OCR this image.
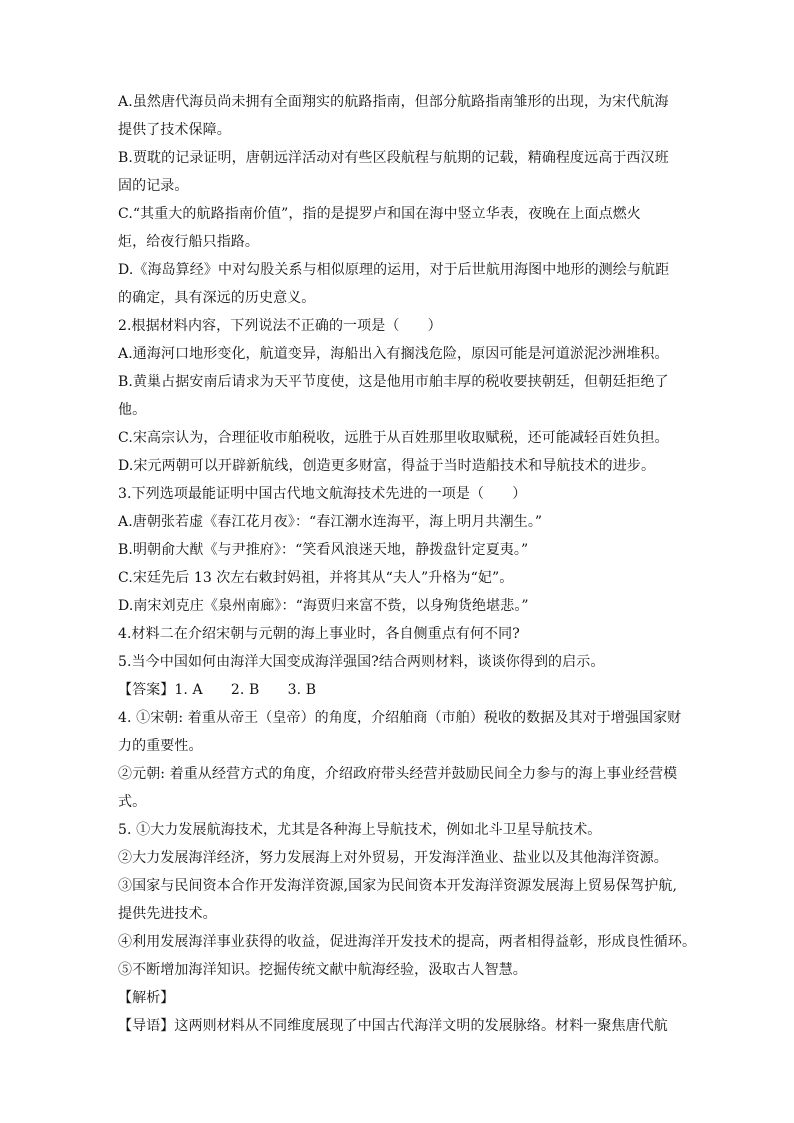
A.虽然唐代海员尚未拥有全面翔实的航路指南，但部分航路指南雏形的出现，为宋代航海
提供了技术保障。
B.贾耽的记录证明，唐朝远洋活动对有些区段航程与航期的记载，精确程度远高于西汉班
固的记录。
C.“其重大的航路指南价值”，指的是提罗卢和国在海中竖立华表，夜晚在上面点燃火
炬，给夜行船只指路。
D.《海岛算经》中对勾股关系与相似原理的运用，对于后世航用海图中地形的测绘与航距
的确定，具有深远的历史意义。
2.根据材料内容，下列说法不正确的一项是（　　）
A.通海河口地形变化，航道变异，海船出入有搁浅危险，原因可能是河道淤泥沙洲堆积。
B.黄巢占据安南后请求为天平节度使，这是他用市舶丰厚的税收要挟朝廷，但朝廷拒绝了
他。
C.宋高宗认为，合理征收市舶税收，远胜于从百姓那里收取赋税，还可能减轻百姓负担。
D.宋元两朝可以开辟新航线，创造更多财富，得益于当时造船技术和导航技术的进步。
3.下列选项最能证明中国古代地文航海技术先进的一项是（　　）
A.唐朝张若虚《春江花月夜》：“春江潮水连海平，海上明月共潮生。”
B.明朝俞大猷《与尹推府》：“笑看风浪迷天地，静拨盘针定夏夷。”
C.宋廷先后 13 次左右敕封妈祖，并将其从“夫人”升格为“妃”。
D.南宋刘克庄《泉州南廊》：“海贾归来富不赀，以身殉货绝堪悲。”
4.材料二在介绍宋朝与元朝的海上事业时，各自侧重点有何不同?
5.当今中国如何由海洋大国变成海洋强国?结合两则材料，谈谈你得到的启示。
【答案】1. A　　2. B　　3. B
4. ①宋朝: 着重从帝王（皇帝）的角度，介绍舶商（市舶）税收的数据及其对于增强国家财
力的重要性。
②元朝: 着重从经营方式的角度，介绍政府带头经营并鼓励民间全力参与的海上事业经营模
式。
5. ①大力发展航海技术，尤其是各种海上导航技术，例如北斗卫星导航技术。
②大力发展海洋经济，努力发展海上对外贸易，开发海洋渔业、盐业以及其他海洋资源。
③国家与民间资本合作开发海洋资源,国家为民间资本开发海洋资源发展海上贸易保驾护航,
提供先进技术。
④利用发展海洋事业获得的收益，促进海洋开发技术的提高，两者相得益彰，形成良性循环。
⑤不断增加海洋知识。挖掘传统文献中航海经验，汲取古人智慧。
【解析】
【导语】这两则材料从不同维度展现了中国古代海洋文明的发展脉络。材料一聚焦唐代航
